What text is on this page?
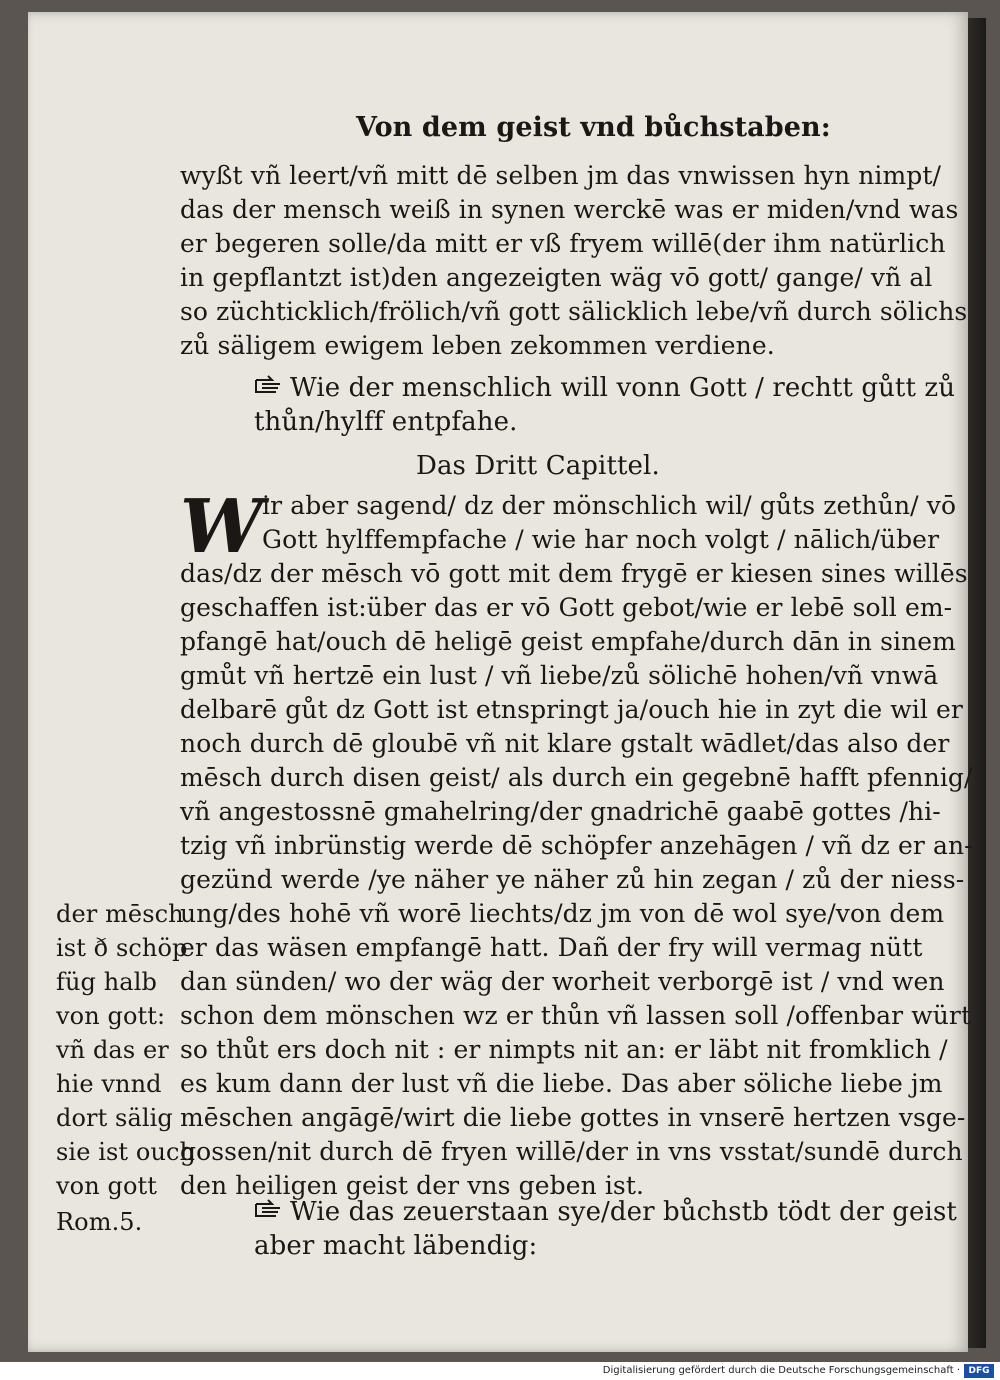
Von dem geist vnd bůchstaben:
wyßt vñ leert/vñ mitt dē selben jm das vnwissen hyn nimpt/
das der mensch weiß in synen werckē was er miden/vnd was
er begeren solle/da mitt er vß fryem willē(der ihm natürlich
in gepflantzt ist)den angezeigten wäg vō gott/ gange/ vñ al
so züchticklich/frölich/vñ gott sälicklich lebe/vñ durch sölichs
zů säligem ewigem leben zekommen verdiene.
Wie der menschlich will vonn Gott / rechtt gůtt zů
thůn/hylff entpfahe.
Das Dritt Capittel.
W
ir aber sagend/ dz der mönschlich wil/ gůts zethůn/ vō
Gott hylffempfache / wie har noch volgt / nālich/über
das/dz der mēsch vō gott mit dem frygē er kiesen sines willēs
geschaffen ist:über das er vō Gott gebot/wie er lebē soll em-
pfangē hat/ouch dē heligē geist empfahe/durch dān in sinem
gmůt vñ hertzē ein lust / vñ liebe/zů sölichē hohen/vñ vnwā
delbarē gůt dz Gott ist etnspringt ja/ouch hie in zyt die wil er
noch durch dē gloubē vñ nit klare gstalt wādlet/das also der
mēsch durch disen geist/ als durch ein gegebnē hafft pfennig/
vñ angestossnē gmahelring/der gnadrichē gaabē gottes /hi-
tzig vñ inbrünstig werde dē schöpfer anzehāgen / vñ dz er an-
gezünd werde /ye näher ye näher zů hin zegan / zů der niess-
ung/des hohē vñ worē liechts/dz jm von dē wol sye/von dem
er das wäsen empfangē hatt. Dañ der fry will vermag nütt
dan sünden/ wo der wäg der worheit verborgē ist / vnd wen
schon dem mönschen wz er thůn vñ lassen soll /offenbar würt
so thůt ers doch nit : er nimpts nit an: er läbt nit fromklich /
es kum dann der lust vñ die liebe. Das aber söliche liebe jm
mēschen angāgē/wirt die liebe gottes in vnserē hertzen vsge-
gossen/nit durch dē fryen willē/der in vns vsstat/sundē durch
den heiligen geist der vns geben ist.
der mēsch
ist ð schöp
füg halb
von gott:
vñ das er
hie vnnd
dort sälig
sie ist ouch
von gott
Rom.5.	Wie das zeuerstaan sye/der bůchstb tödt der geist
aber macht läbendig:
Digitalisierung gefördert durch die Deutsche Forschungsgemeinschaft · DFG
